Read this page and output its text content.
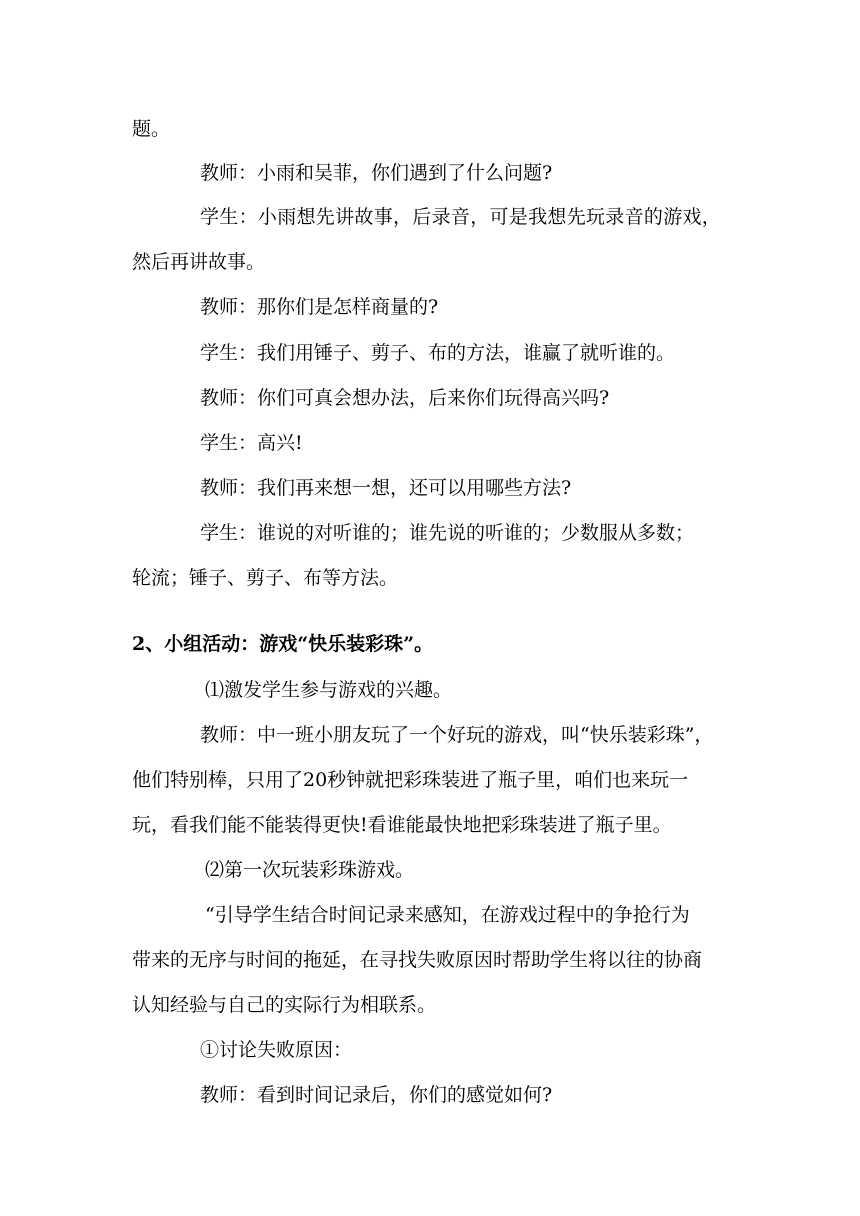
题。
教师：小雨和吴菲，你们遇到了什么问题?
学生：小雨想先讲故事，后录音，可是我想先玩录音的游戏，
然后再讲故事。
教师：那你们是怎样商量的?
学生：我们用锤子、剪子、布的方法，谁赢了就听谁的。
教师：你们可真会想办法，后来你们玩得高兴吗?
学生：高兴!
教师：我们再来想一想，还可以用哪些方法?
学生：谁说的对听谁的；谁先说的听谁的；少数服从多数；
轮流；锤子、剪子、布等方法。
2、小组活动：游戏“快乐装彩珠”。
⑴激发学生参与游戏的兴趣。
教师：中一班小朋友玩了一个好玩的游戏，叫“快乐装彩珠”，
他们特别棒，只用了20秒钟就把彩珠装进了瓶子里，咱们也来玩一
玩，看我们能不能装得更快!看谁能最快地把彩珠装进了瓶子里。
⑵第一次玩装彩珠游戏。
“引导学生结合时间记录来感知，在游戏过程中的争抢行为
带来的无序与时间的拖延，在寻找失败原因时帮助学生将以往的协商
认知经验与自己的实际行为相联系。
①讨论失败原因：
教师：看到时间记录后，你们的感觉如何?
